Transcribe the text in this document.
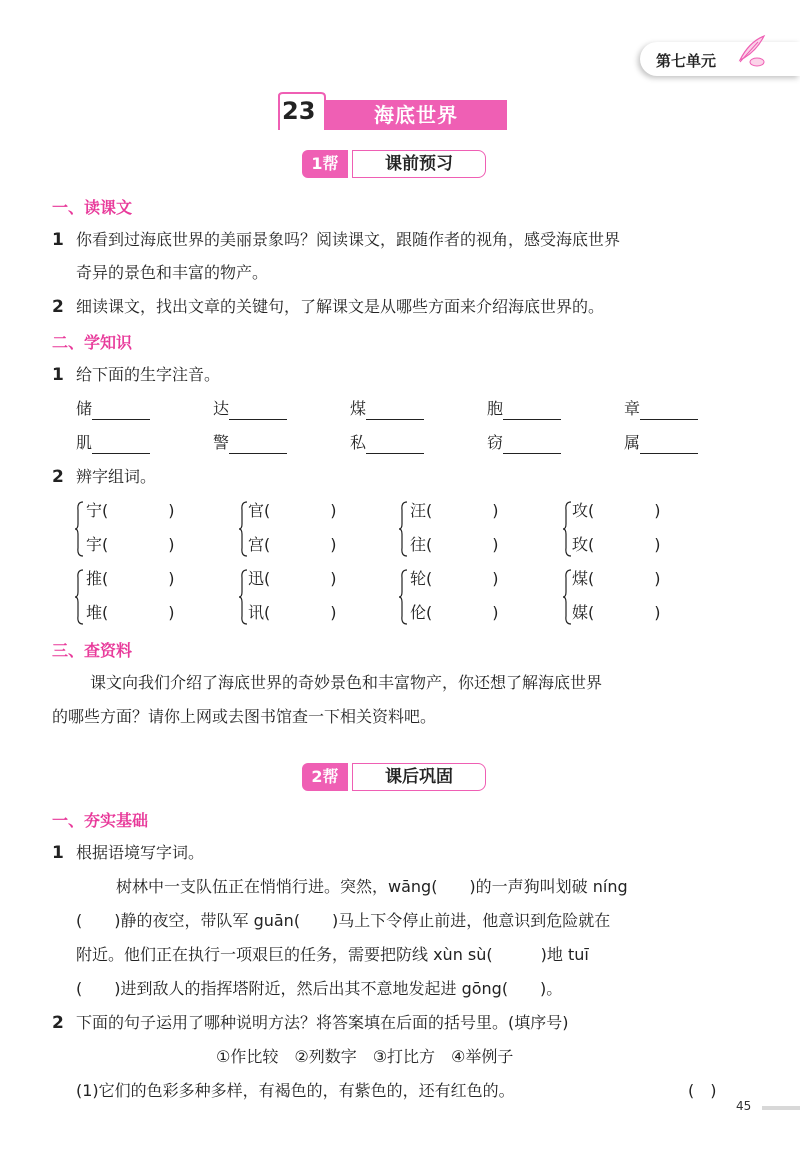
第七单元
23	海底世界
1帮	课前预习
一、读课文
1 你看到过海底世界的美丽景象吗？阅读课文，跟随作者的视角，感受海底世界
奇异的景色和丰富的物产。
2 细读课文，找出文章的关键句，了解课文是从哪些方面来介绍海底世界的。
二、学知识
1 给下面的生字注音。
储	达	煤	胞	章
肌	警	私	窃	属
2 辨字组词。
宁(	)
宇(	)
官(	)
宫(	)
汪(	)
往(	)
攻(	)
玫(	)
推(	)
堆(	)
迅(	)
讯(	)
轮(	)
伦(	)
煤(	)
媒(	)
三、查资料
课文向我们介绍了海底世界的奇妙景色和丰富物产，你还想了解海底世界
的哪些方面？请你上网或去图书馆查一下相关资料吧。
2帮	课后巩固
一、夯实基础
1 根据语境写字词。
树林中一支队伍正在悄悄行进。突然，wāng(　　)的一声狗叫划破 níng
(　　)静的夜空，带队军 guān(　　)马上下令停止前进，他意识到危险就在
附近。他们正在执行一项艰巨的任务，需要把防线 xùn sù(　　　)地 tuī
(　　)进到敌人的指挥塔附近，然后出其不意地发起进 gōng(　　)。
2 下面的句子运用了哪种说明方法？将答案填在后面的括号里。(填序号)
①作比较　②列数字　③打比方　④举例子
(1)它们的色彩多种多样，有褐色的，有紫色的，还有红色的。	(　)
45
